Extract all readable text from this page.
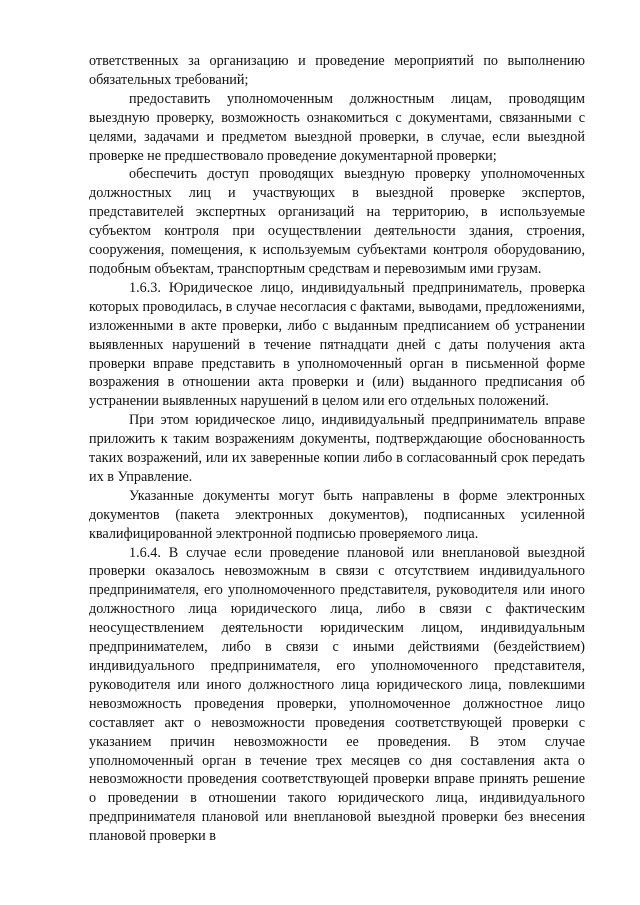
ответственных за организацию и проведение мероприятий по выполнению обязательных требований;

предоставить уполномоченным должностным лицам, проводящим выездную проверку, возможность ознакомиться с документами, связанными с целями, задачами и предметом выездной проверки, в случае, если выездной проверке не предшествовало проведение документарной проверки;

обеспечить доступ проводящих выездную проверку уполномоченных должностных лиц и участвующих в выездной проверке экспертов, представителей экспертных организаций на территорию, в используемые субъектом контроля при осуществлении деятельности здания, строения, сооружения, помещения, к используемым субъектами контроля оборудованию, подобным объектам, транспортным средствам и перевозимым ими грузам.

1.6.3. Юридическое лицо, индивидуальный предприниматель, проверка которых проводилась, в случае несогласия с фактами, выводами, предложениями, изложенными в акте проверки, либо с выданным предписанием об устранении выявленных нарушений в течение пятнадцати дней с даты получения акта проверки вправе представить в уполномоченный орган в письменной форме возражения в отношении акта проверки и (или) выданного предписания об устранении выявленных нарушений в целом или его отдельных положений.

При этом юридическое лицо, индивидуальный предприниматель вправе приложить к таким возражениям документы, подтверждающие обоснованность таких возражений, или их заверенные копии либо в согласованный срок передать их в Управление.

Указанные документы могут быть направлены в форме электронных документов (пакета электронных документов), подписанных усиленной квалифицированной электронной подписью проверяемого лица.

1.6.4. В случае если проведение плановой или внеплановой выездной проверки оказалось невозможным в связи с отсутствием индивидуального предпринимателя, его уполномоченного представителя, руководителя или иного должностного лица юридического лица, либо в связи с фактическим неосуществлением деятельности юридическим лицом, индивидуальным предпринимателем, либо в связи с иными действиями (бездействием) индивидуального предпринимателя, его уполномоченного представителя, руководителя или иного должностного лица юридического лица, повлекшими невозможность проведения проверки, уполномоченное должностное лицо составляет акт о невозможности проведения соответствующей проверки с указанием причин невозможности ее проведения. В этом случае уполномоченный орган в течение трех месяцев со дня составления акта о невозможности проведения соответствующей проверки вправе принять решение о проведении в отношении такого юридического лица, индивидуального предпринимателя плановой или внеплановой выездной проверки без внесения плановой проверки в
